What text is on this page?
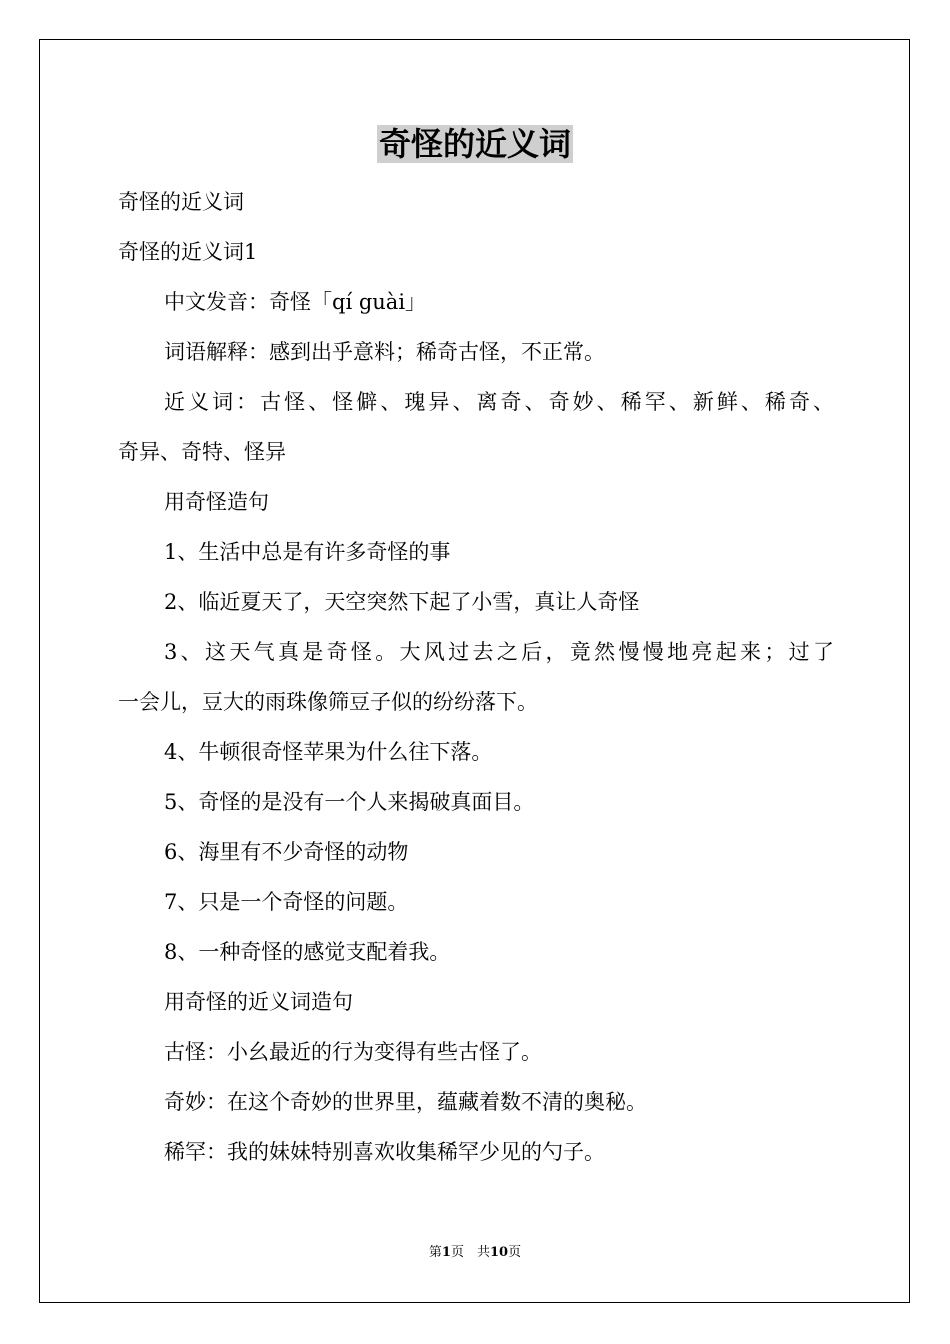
奇怪的近义词

奇怪的近义词

奇怪的近义词1

中文发音：奇怪「qí guài」

词语解释：感到出乎意料；稀奇古怪，不正常。

近义词：古怪、怪僻、瑰异、离奇、奇妙、稀罕、新鲜、稀奇、

奇异、奇特、怪异

用奇怪造句

1、生活中总是有许多奇怪的事

2、临近夏天了，天空突然下起了小雪，真让人奇怪

3、这天气真是奇怪。大风过去之后，竟然慢慢地亮起来；过了

一会儿，豆大的雨珠像筛豆子似的纷纷落下。

4、牛顿很奇怪苹果为什么往下落。

5、奇怪的是没有一个人来揭破真面目。

6、海里有不少奇怪的动物

7、只是一个奇怪的问题。

8、一种奇怪的感觉支配着我。

用奇怪的近义词造句

古怪：小幺最近的行为变得有些古怪了。

奇妙：在这个奇妙的世界里，蕴藏着数不清的奥秘。

稀罕：我的妹妹特别喜欢收集稀罕少见的勺子。

第1页　共10页
